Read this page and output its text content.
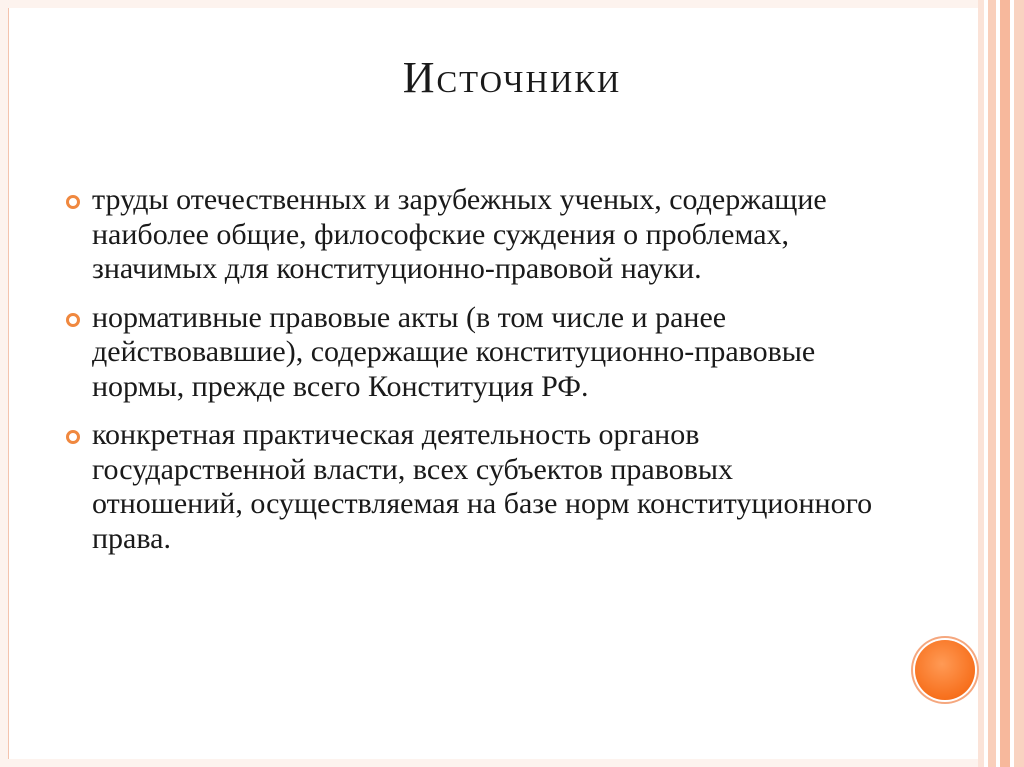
Источники
труды отечественных и зарубежных ученых, содержащие наиболее общие, философские суждения о проблемах, значимых для конституционно-правовой науки.
нормативные правовые акты (в том числе и ранее действовавшие), содержащие конституционно-правовые нормы, прежде всего Конституция РФ.
конкретная практическая деятельность органов государственной власти, всех субъектов правовых отношений, осуществляемая на базе норм конституционного права.
